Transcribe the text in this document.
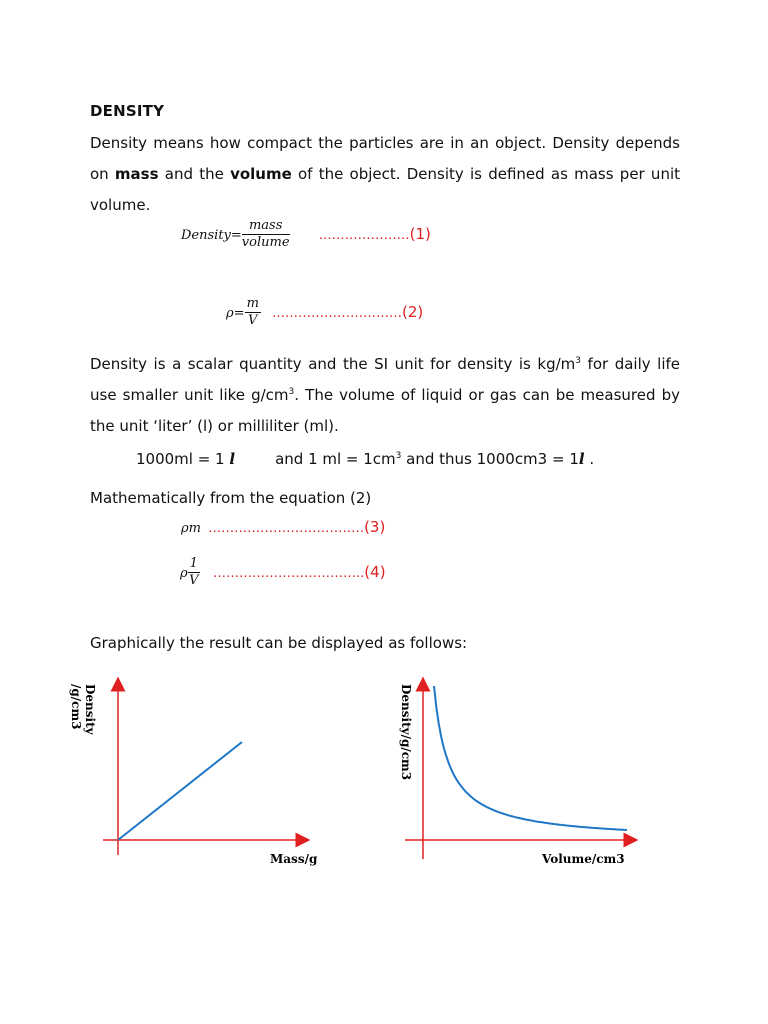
DENSITY
Density means how compact the particles are in an object. Density depends on mass and the volume of the object. Density is defined as mass per unit volume.
Density= $\frac{\text{mass}}{\text{volume}}$ …………………(1)
$\rho= \frac{m}{V}$ …………………………(2)
Density is a scalar quantity and the SI unit for density is $kg/m^3$ for daily life use smaller unit like $g/cm^3$. The volume of liquid or gas can be measured by the unit ‘liter’ (l) or milliliter (ml).
1000ml = 1 l	and 1 ml = $1cm^3$ and thus 1000cm3 = 1l .
Mathematically from the equation (2)
ρm ………………………………(3)
ρ $\frac{1}{V}$ ……………………………..(4)
Graphically the result can be displayed as follows:
Mass/g
Density /g/cm3
Volume/cm3
Density/g/cm3
